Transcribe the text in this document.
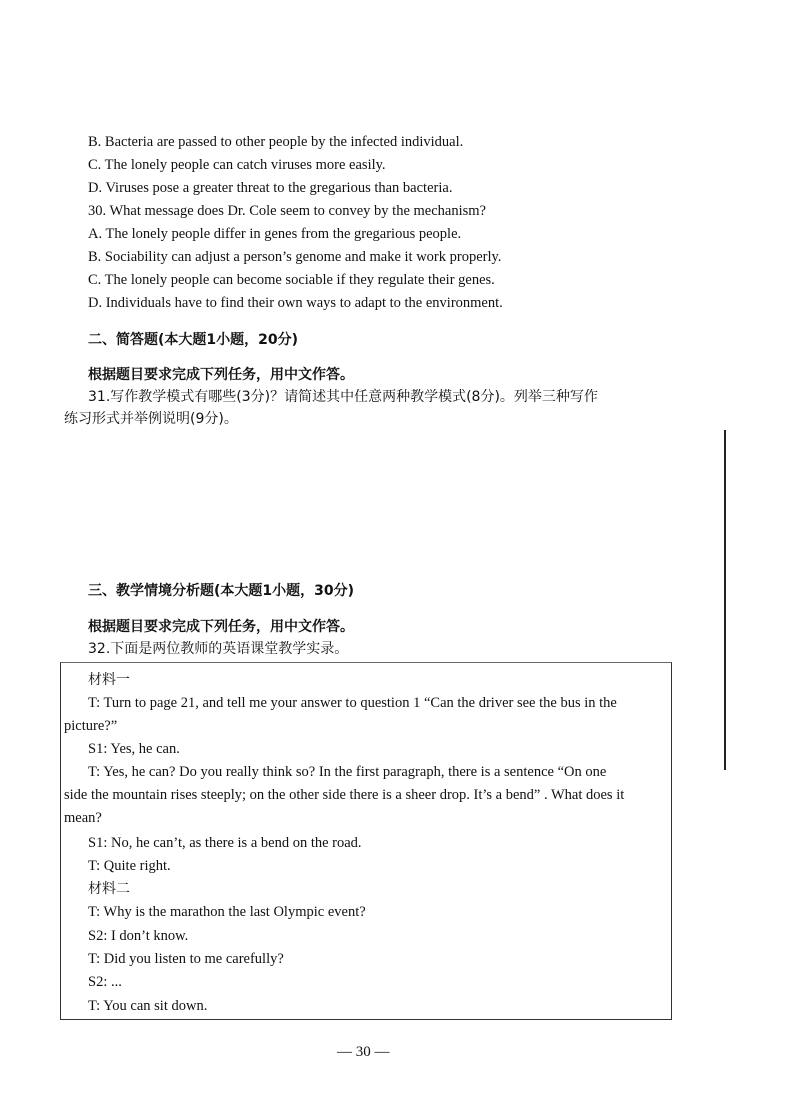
B. Bacteria are passed to other people by the infected individual.
C. The lonely people can catch viruses more easily.
D. Viruses pose a greater threat to the gregarious than bacteria.
30. What message does Dr. Cole seem to convey by the mechanism?
A. The lonely people differ in genes from the gregarious people.
B. Sociability can adjust a person’s genome and make it work properly.
C. The lonely people can become sociable if they regulate their genes.
D. Individuals have to find their own ways to adapt to the environment.
二、简答题(本大题1小题，20分)
根据题目要求完成下列任务，用中文作答。
31.写作教学模式有哪些(3分)？请简述其中任意两种教学模式(8分)。列举三种写作
练习形式并举例说明(9分)。
三、教学情境分析题(本大题1小题，30分)
根据题目要求完成下列任务，用中文作答。
32.下面是两位教师的英语课堂教学实录。
材料一
T: Turn to page 21, and tell me your answer to question 1 “Can the driver see the bus in the
picture?”
S1: Yes, he can.
T: Yes, he can? Do you really think so? In the first paragraph, there is a sentence “On one
side the mountain rises steeply; on the other side there is a sheer drop. It’s a bend” . What does it
mean?
S1: No, he can’t, as there is a bend on the road.
T: Quite right.
材料二
T: Why is the marathon the last Olympic event?
S2: I don’t know.
T: Did you listen to me carefully?
S2: ...
T: You can sit down.
— 30 —
